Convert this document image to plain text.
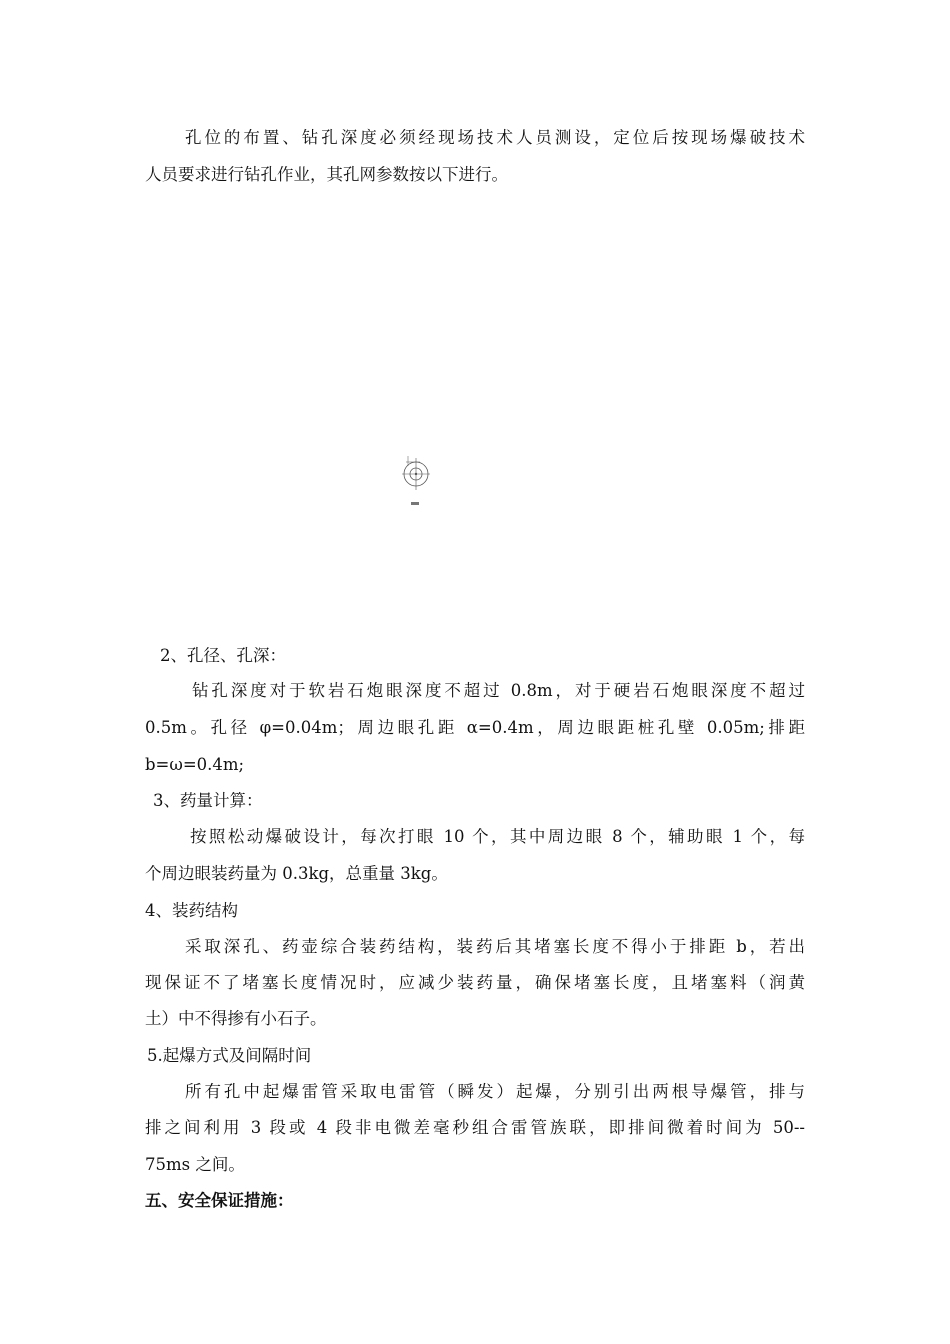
孔位的布置、钻孔深度必须经现场技术人员测设，定位后按现场爆破技术

人员要求进行钻孔作业，其孔网参数按以下进行。

2、孔径、孔深：

钻孔深度对于软岩石炮眼深度不超过 0.8m，对于硬岩石炮眼深度不超过

0.5m。孔径 φ=0.04m；周边眼孔距 α=0.4m，周边眼距桩孔壁 0.05m;排距

b=ω=0.4m;

3、药量计算：

按照松动爆破设计，每次打眼 10 个，其中周边眼 8 个，辅助眼 1 个，每

个周边眼装药量为 0.3kg，总重量 3kg。

4、装药结构

采取深孔、药壶综合装药结构，装药后其堵塞长度不得小于排距 b，若出

现保证不了堵塞长度情况时，应减少装药量，确保堵塞长度，且堵塞料（润黄

土）中不得掺有小石子。

5.起爆方式及间隔时间

所有孔中起爆雷管采取电雷管（瞬发）起爆，分别引出两根导爆管，排与

排之间利用 3 段或 4 段非电微差毫秒组合雷管族联，即排间微着时间为 50--

75ms 之间。

五、安全保证措施：
